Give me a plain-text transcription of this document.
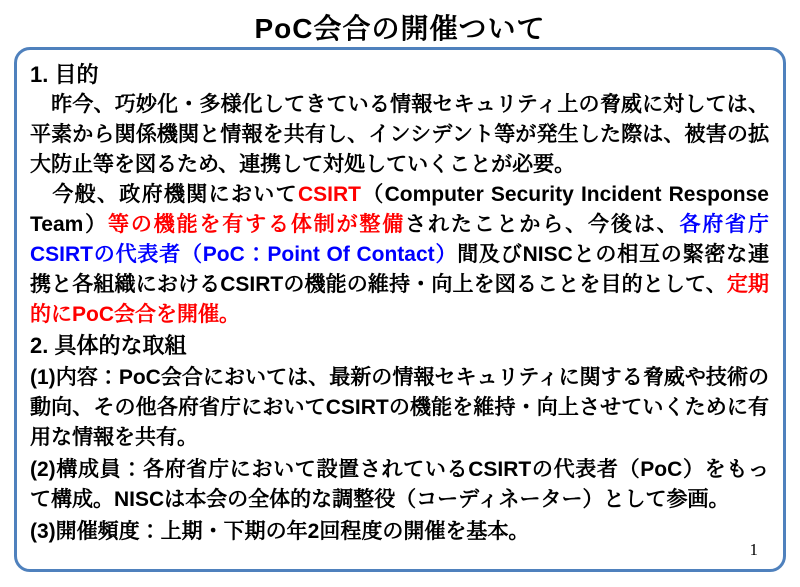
PoC会合の開催ついて
1. 目的

　昨今、巧妙化・多様化してきている情報セキュリティ上の脅威に対しては、平素から関係機関と情報を共有し、インシデント等が発生した際は、被害の拡大防止等を図るため、連携して対処していくことが必要。

　今般、政府機関においてCSIRT（Computer Security Incident Response Team）等の機能を有する体制が整備されたことから、今後は、各府省庁CSIRTの代表者（PoC：Point Of Contact）間及びNISCとの相互の緊密な連携と各組織におけるCSIRTの機能の維持・向上を図ることを目的として、定期的にPoC会合を開催。

2. 具体的な取組

(1)内容：PoC会合においては、最新の情報セキュリティに関する脅威や技術の動向、その他各府省庁においてCSIRTの機能を維持・向上させていくために有用な情報を共有。

(2)構成員：各府省庁において設置されているCSIRTの代表者（PoC）をもって構成。NISCは本会の全体的な調整役（コーディネーター）として参画。

(3)開催頻度：上期・下期の年2回程度の開催を基本。

1
